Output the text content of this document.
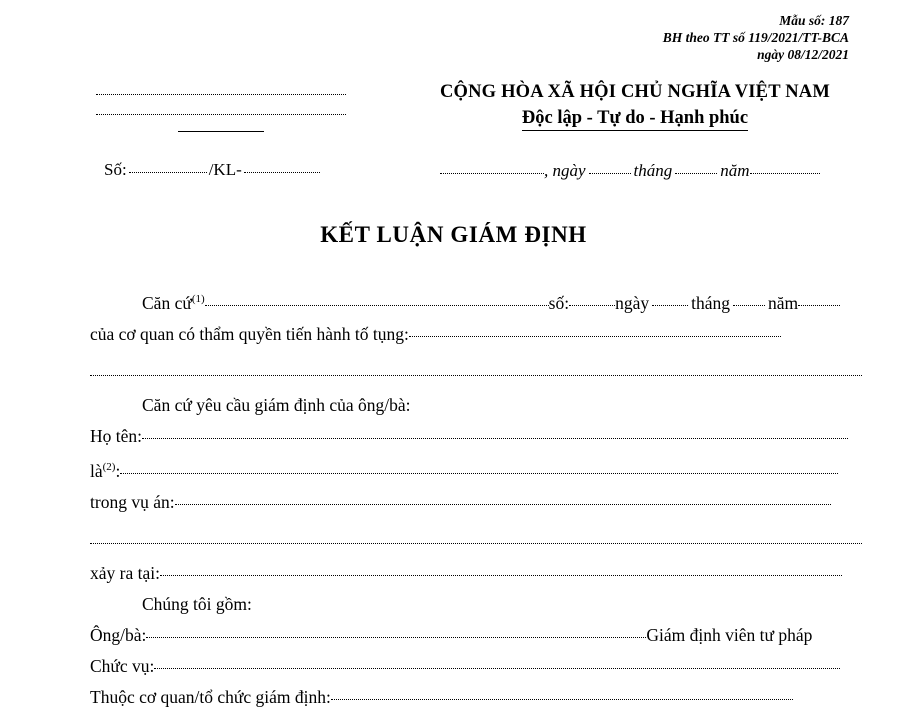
Mẫu số: 187
BH theo TT số 119/2021/TT-BCA
ngày 08/12/2021
Số:	/KL-
CỘNG HÒA XÃ HỘI CHỦ NGHĨA VIỆT NAM
Độc lập - Tự do - Hạnh phúc
, ngày	tháng	năm
KẾT LUẬN GIÁM ĐỊNH
Căn cứ$^{(1)}$	số:	ngày tháng năm
của cơ quan có thẩm quyền tiến hành tố tụng:
Căn cứ yêu cầu giám định của ông/bà:
Họ tên:
$là^{(2)}$:
trong vụ án:
xảy ra tại:
Chúng tôi gồm:
Ông/bà:	Giám định viên tư pháp
Chức vụ:
Thuộc cơ quan/tổ chức giám định:
